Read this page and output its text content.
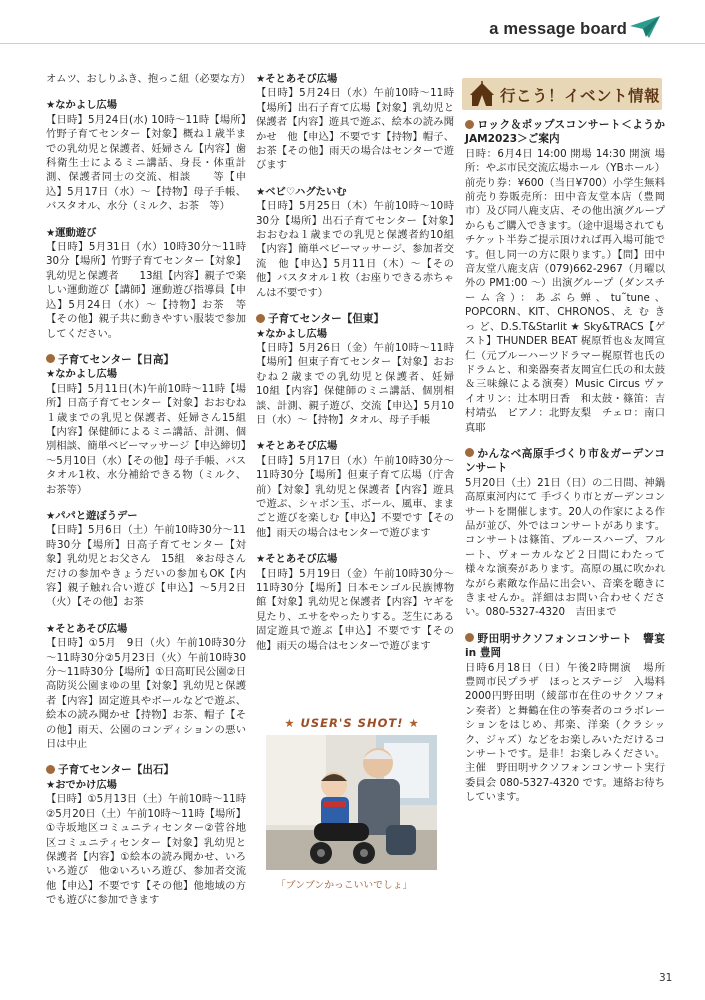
a message board
オムツ、おしりふき、抱っこ紐（必要な方）
★なかよし広場
【日時】5月24日(水) 10時～11時【場所】竹野子育てセンター【対象】概ね１歳半までの乳幼児と保護者、妊婦さん【内容】歯科衛生士によるミニ講話、身長・体重計測、保護者同士の交流、相談　　等【申込】5月17日（水）～【持物】母子手帳、バスタオル、水分（ミルク、お茶　等）
★運動遊び
【日時】5月31日（水）10時30分～11時30分【場所】竹野子育てセンター【対象】乳幼児と保護者　　13組【内容】親子で楽しい運動遊び【講師】運動遊び指導員【申込】5月24日（水）～【持物】お茶　等【その他】親子共に動きやすい服装で参加してください。
子育てセンター【日高】
★なかよし広場
【日時】5月11日(木)午前10時～11時【場所】日高子育てセンター【対象】おおむね１歳までの乳児と保護者、妊婦さん15組【内容】保健師によるミニ講話、計測、個別相談、簡単ベビーマッサージ【申込締切】～5月10日（水）【その他】母子手帳、バスタオル1枚、水分補給できる物（ミルク、お茶等）
★パパと遊ぼうデー
【日時】5月6日（土）午前10時30分～11時30分【場所】日高子育てセンター【対象】乳幼児とお父さん　15組　※お母さんだけの参加やきょうだいの参加もOK【内容】親子触れ合い遊び【申込】～5月2日（火）【その他】お茶
★そとあそび広場
【日時】①5月　9日（火）午前10時30分～11時30分②5月23日（火）午前10時30分～11時30分【場所】①日高町民公園②日高防災公園まゆの里【対象】乳幼児と保護者【内容】固定遊具やボールなどで遊ぶ、絵本の読み聞かせ【持物】お茶、帽子【その他】雨天、公園のコンディションの悪い日は中止
子育てセンター【出石】
★おでかけ広場
【日時】①5月13日（土）午前10時～11時②5月20日（土）午前10時～11時【場所】①寺坂地区コミュニティセンター②菅谷地区コミュニティセンター【対象】乳幼児と保護者【内容】①絵本の読み聞かせ、いろいろ遊び　他②いろいろ遊び、参加者交流　他【申込】不要です【その他】他地域の方でも遊びに参加できます
★そとあそび広場
【日時】5月24日（水）午前10時～11時【場所】出石子育て広場【対象】乳幼児と保護者【内容】遊具で遊ぶ、絵本の読み聞かせ　他【申込】不要です【持物】帽子、お茶【その他】雨天の場合はセンターで遊びます
★ベビ♡ハグたいむ
【日時】5月25日（木）午前10時～10時30分【場所】出石子育てセンター【対象】おおむね１歳までの乳児と保護者約10組【内容】簡単ベビーマッサージ、参加者交流　他【申込】5月11日（木）～【その他】バスタオル１枚（お座りできる赤ちゃんは不要です）
子育てセンター【但東】
★なかよし広場
【日時】5月26日（金）午前10時～11時【場所】但東子育てセンター【対象】おおむね２歳までの乳幼児と保護者、妊婦　10組【内容】保健師のミニ講話、個別相談、計測、親子遊び、交流【申込】5月10日（水）～【持物】タオル、母子手帳
★そとあそび広場
【日時】5月17日（水）午前10時30分～11時30分【場所】但東子育て広場（庁舎前）【対象】乳幼児と保護者【内容】遊具で遊ぶ、シャボン玉、ボール、風車、ままごと遊びを楽しむ【申込】不要です【その他】雨天の場合はセンターで遊びます
★そとあそび広場
【日時】5月19日（金）午前10時30分～11時30分【場所】日本モンゴル民族博物館【対象】乳幼児と保護者【内容】ヤギを見たり、エサをやったりする。芝生にある固定遊具で遊ぶ【申込】不要です【その他】雨天の場合はセンターで遊びます
★ USER'S SHOT! ★
「ブンブンかっこいいでしょ」
行こう！イベント情報
ロック＆ポップスコンサート＜ようかJAM2023＞ご案内
日時：6月4日 14:00 開場 14:30 開演 場所：やぶ市民交流広場ホール（YBホール）前売り券：¥600（当日¥700）小学生無料前売り券販売所：田中音友堂本店（豊岡市）及び同八鹿支店、その他出演グループからもご購入できます。（途中退場されてもチケット半券ご提示頂ければ再入場可能です。但し同一の方に限ります。）【問】田中音友堂八鹿支店（079)662-2967（月曜以外の PM1:00 ～）出演グループ（ダンスチーム含）：あぶら蝉、tu˜tune、POPCORN、KIT、CHRONOS、え む き っ ど、D.S.T&Starlit ★ Sky&TRACS【ゲスト】THUNDER BEAT 梶原哲也＆友岡宣仁（元ブルーハーツドラマー梶原哲也氏のドラムと、和楽器奏者友岡宣仁氏の和太鼓＆三味線による演奏）Music Circus ヴァイオリン：辻本明日香　和太鼓・篠笛：吉村靖弘　ピアノ：北野友梨　チェロ：南口真耶
かんなべ高原手づくり市＆ガーデンコンサート
5月20日（土）21日（日）の二日間、神鍋高原東河内にて 手づくり市とガーデンコンサートを開催します。20人の作家による作品が並び、外ではコンサートがあります。コンサートは篠笛、ブルースハープ、フルート、ヴォーカルなど２日間にわたって様々な演奏があります。高原の風に吹かれながら素敵な作品に出会い、音楽を聴きにきませんか。詳細はお問い合わせください。080-5327-4320　吉田まで
野田明サクソフォンコンサート　響宴 in 豊岡
日時6月18日（日）午後2時開演　場所　豊岡市民プラザ　ほっとステージ　入場料2000円野田明（綾部市在住のサクソフォン奏者）と舞鶴在住の筝奏者のコラボレーションをはじめ、邦楽、洋楽（クラシック、ジャズ）などをお楽しみいただけるコンサートです。是非！お楽しみください。主催　野田明サクソフォンコンサート実行委員会 080-5327-4320 です。連絡お待ちしています。
31
